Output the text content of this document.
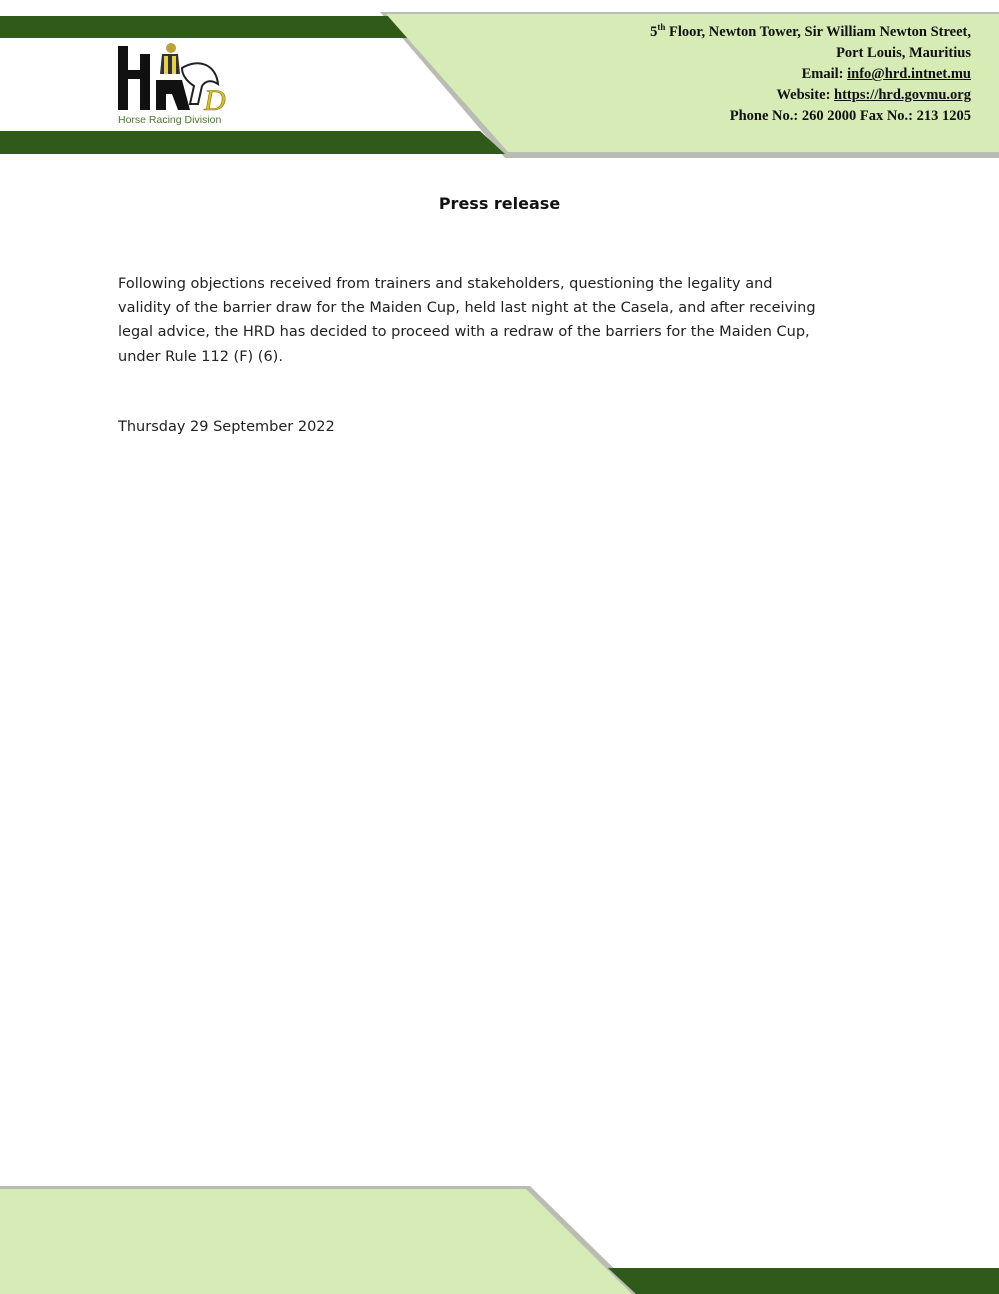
D
Horse Racing Division
5th Floor, Newton Tower, Sir William Newton Street,
Port Louis, Mauritius
Email: info@hrd.intnet.mu
Website: https://hrd.govmu.org
Phone No.: 260 2000 Fax No.: 213 1205
Press release

Following objections received from trainers and stakeholders, questioning the legality and
validity of the barrier draw for the Maiden Cup, held last night at the Casela, and after receiving
legal advice, the HRD has decided to proceed with a redraw of the barriers for the Maiden Cup,
under Rule 112 (F) (6).

Thursday 29 September 2022
